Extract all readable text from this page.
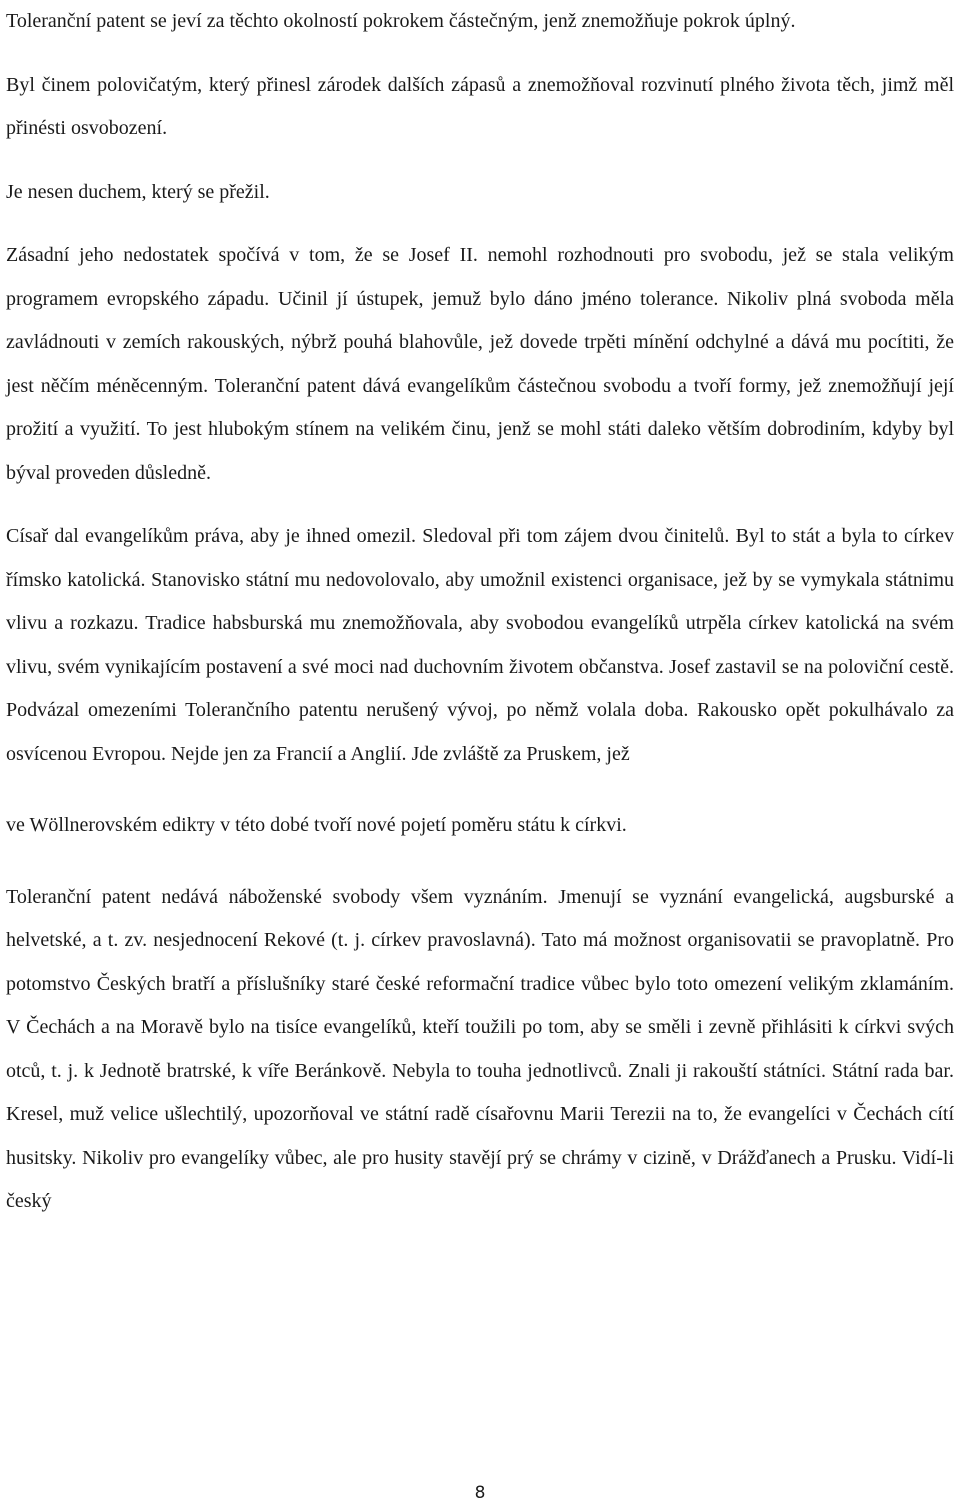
Toleranční patent se jeví za těchto okolností pokrokem částečným, jenž znemožňuje pokrok úplný.

Byl činem polovičatým, který přinesl zárodek dalších zápasů a znemožňoval rozvinutí plného života těch, jimž měl přinésti osvobození.

Je nesen duchem, který se přežil.

Zásadní jeho nedostatek spočívá v tom, že se Josef II. nemohl rozhodnouti pro svobodu, jež se stala velikým programem evropského západu. Učinil jí ústupek, jemuž bylo dáno jméno tolerance. Nikoliv plná svoboda měla zavládnouti v zemích rakouských, nýbrž pouhá blahovůle, jež dovede trpěti mínění odchylné a dává mu pocítiti, že jest něčím méněcenným. Toleranční patent dává evangelíkům částečnou svobodu a tvoří formy, jež znemožňují její prožití a využití. To jest hlubokým stínem na velikém činu, jenž se mohl státi daleko větším dobrodiním, kdyby byl býval proveden důsledně.

Císař dal evangelíkům práva, aby je ihned omezil. Sledoval při tom zájem dvou činitelů. Byl to stát a byla to církev římsko katolická. Stanovisko státní mu nedovolovalo, aby umožnil existenci organisace, jež by se vymykala státnimu vlivu a rozkazu. Tradice habsburská mu znemožňovala, aby svobodou evangelíků utrpěla církev katolická na svém vlivu, svém vynikajícím postavení a své moci nad duchovním životem občanstva. Josef zastavil se na poloviční cestě. Podvázal omezeními Tolerančního patentu nerušený vývoj, po němž volala doba. Rakousko opět pokulhávalo za osvícenou Evropou. Nejde jen za Francií a Anglií. Jde zvláště za Pruskem, jež

ve Wöllnerovském edikту v této dobé tvoří nové pojetí poměru státu k církvi.

Toleranční patent nedává náboženské svobody všem vyznáním. Jmenují se vyznání evangelická, augsburské a helvetské, a t. zv. nesjednocení Rekové (t. j. církev pravoslavná). Tato má možnost organisovatii se pravoplatně. Pro potomstvo Českých bratří a příslušníky staré české reformační tradice vůbec bylo toto omezení velikým zklamáním. V Čechách a na Moravě bylo na tisíce evangelíků, kteří toužili po tom, aby se směli i zevně přihlásiti k církvi svých otců, t. j. k Jednotě bratrské, k víře Beránkově. Nebyla to touha jednotlivců. Znali ji rakouští státníci. Státní rada bar. Kresel, muž velice ušlechtilý, upozorňoval ve státní radě císařovnu Marii Terezii na to, že evangelíci v Čechách cítí husitsky. Nikoliv pro evangelíky vůbec, ale pro husity stavějí prý se chrámy v cizině, v Drážďanech a Prusku. Vidí-li český

8
